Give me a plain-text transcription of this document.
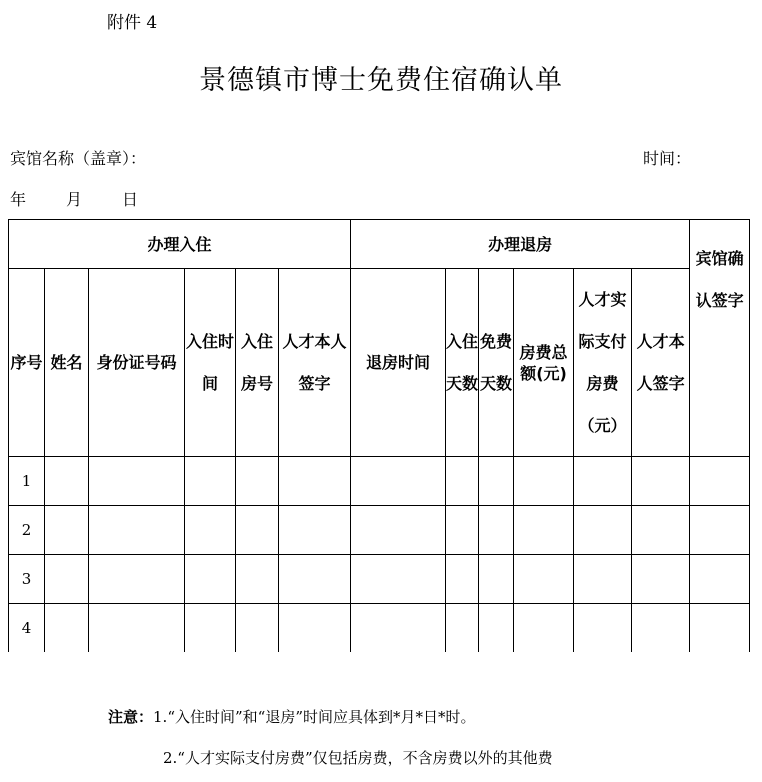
附件 4
景德镇市博士免费住宿确认单
宾馆名称（盖章）：	时间：
年 月 日
办理入住						办理退房						宾馆确认签字
序号	姓名	身份证号码	入住时间	入住房号	人才本人签字	退房时间	入住天数	免费天数	房费总额(元)	人才实际支付房费（元）	人才本人签字	
1												
2												
3												
4												
注意：1.“入住时间”和“退房”时间应具体到*月*日*时。
2.“人才实际支付房费”仅包括房费，不含房费以外的其他费
